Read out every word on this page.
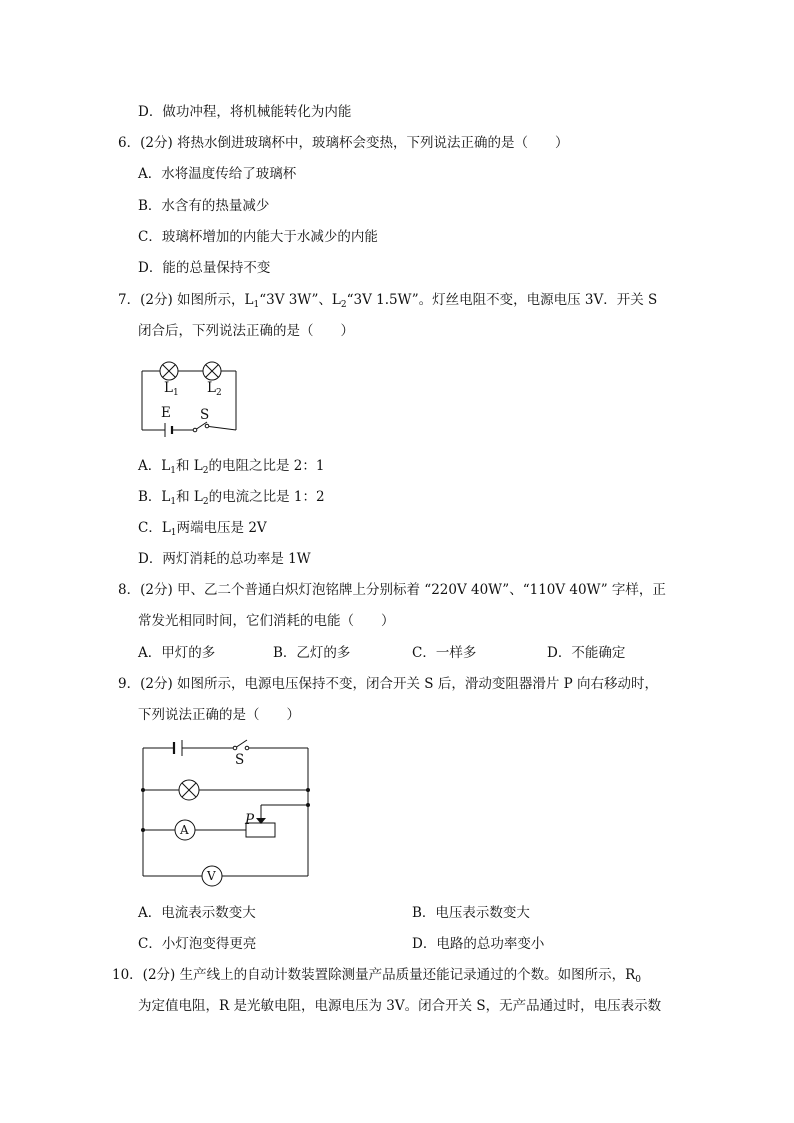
D．做功冲程，将机械能转化为内能
6．(2分) 将热水倒进玻璃杯中，玻璃杯会变热，下列说法正确的是（　　）
A．水将温度传给了玻璃杯
B．水含有的热量减少
C．玻璃杯增加的内能大于水减少的内能
D．能的总量保持不变
7．(2分) 如图所示，$L_1“3V$ 3W”、$L_2“3V$ 1.5W”。灯丝电阻不变，电源电压 3V．开关 S
闭合后，下列说法正确的是（　　）
$L_1$ $L_2$
E S
A．$L_1$和 $L_2$的电阻之比是 2：1
B．$L_1$和 $L_2$的电流之比是 1：2
C．$L_1$两端电压是 2V
D．两灯消耗的总功率是 1W
8．(2分) 甲、乙二个普通白炽灯泡铭牌上分别标着 “220V 40W”、“110V 40W” 字样，正
常发光相同时间，它们消耗的电能（　　）
A．甲灯的多	B．乙灯的多	C．一样多	D．不能确定
9．(2分) 如图所示，电源电压保持不变，闭合开关 S 后，滑动变阻器滑片 P 向右移动时，
下列说法正确的是（　　）
S
P
A
V
A．电流表示数变大	B．电压表示数变大
C．小灯泡变得更亮	D．电路的总功率变小
10．(2分) 生产线上的自动计数装置除测量产品质量还能记录通过的个数。如图所示，$R_0$
为定值电阻，R 是光敏电阻，电源电压为 3V。闭合开关 S，无产品通过时，电压表示数
